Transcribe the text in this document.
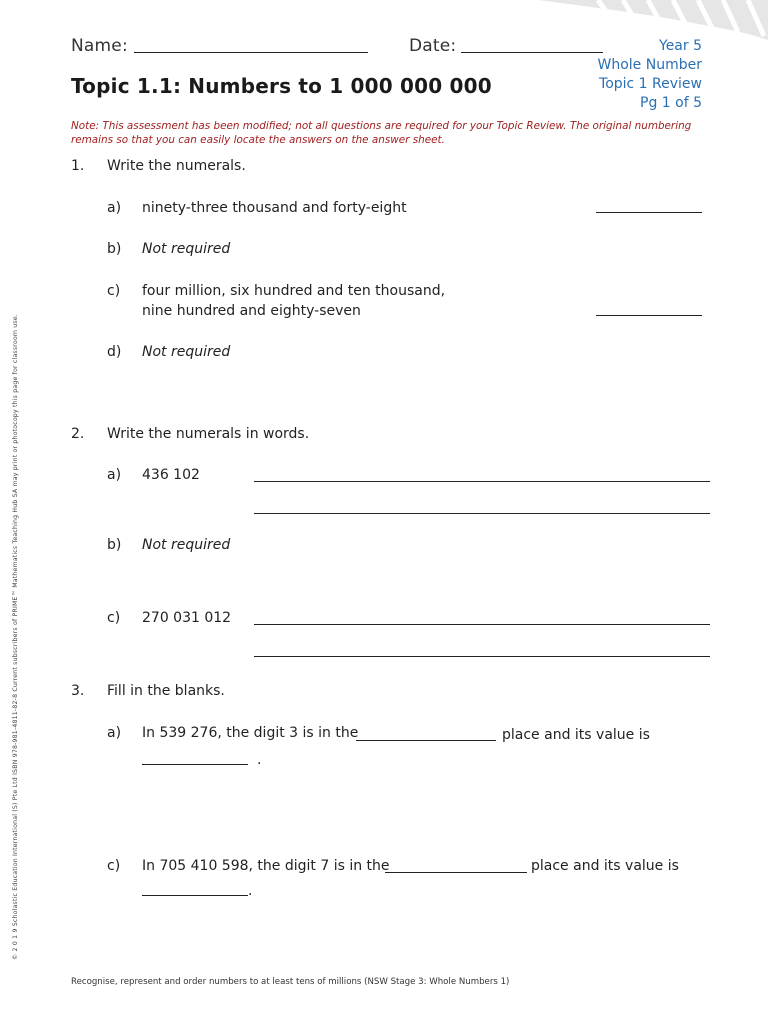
Name:	Date:	Year 5
Whole Number
Topic 1 Review
Pg 1 of 5
Topic 1.1: Numbers to 1 000 000 000
Note: This assessment has been modified; not all questions are required for your Topic Review. The original numbering
remains so that you can easily locate the answers on the answer sheet.
1. Write the numerals.
a) ninety-three thousand and forty-eight
b) Not required
c) four million, six hundred and ten thousand,
nine hundred and eighty-seven
d) Not required
2. Write the numerals in words.
a) 436 102
b) Not required
c) 270 031 012
3. Fill in the blanks.
a) In 539 276, the digit 3 is in the	place and its value is
.
c) In 705 410 598, the digit 7 is in the	place and its value is
.
© 2 0 1 9 Scholastic Education International (S) Pte Ltd ISBN 978-981-4811-82-8 Current subscribers of PRIME™ Mathematics Teaching Hub SA may print or photocopy this page for classroom use.
Recognise, represent and order numbers to at least tens of millions (NSW Stage 3: Whole Numbers 1)
